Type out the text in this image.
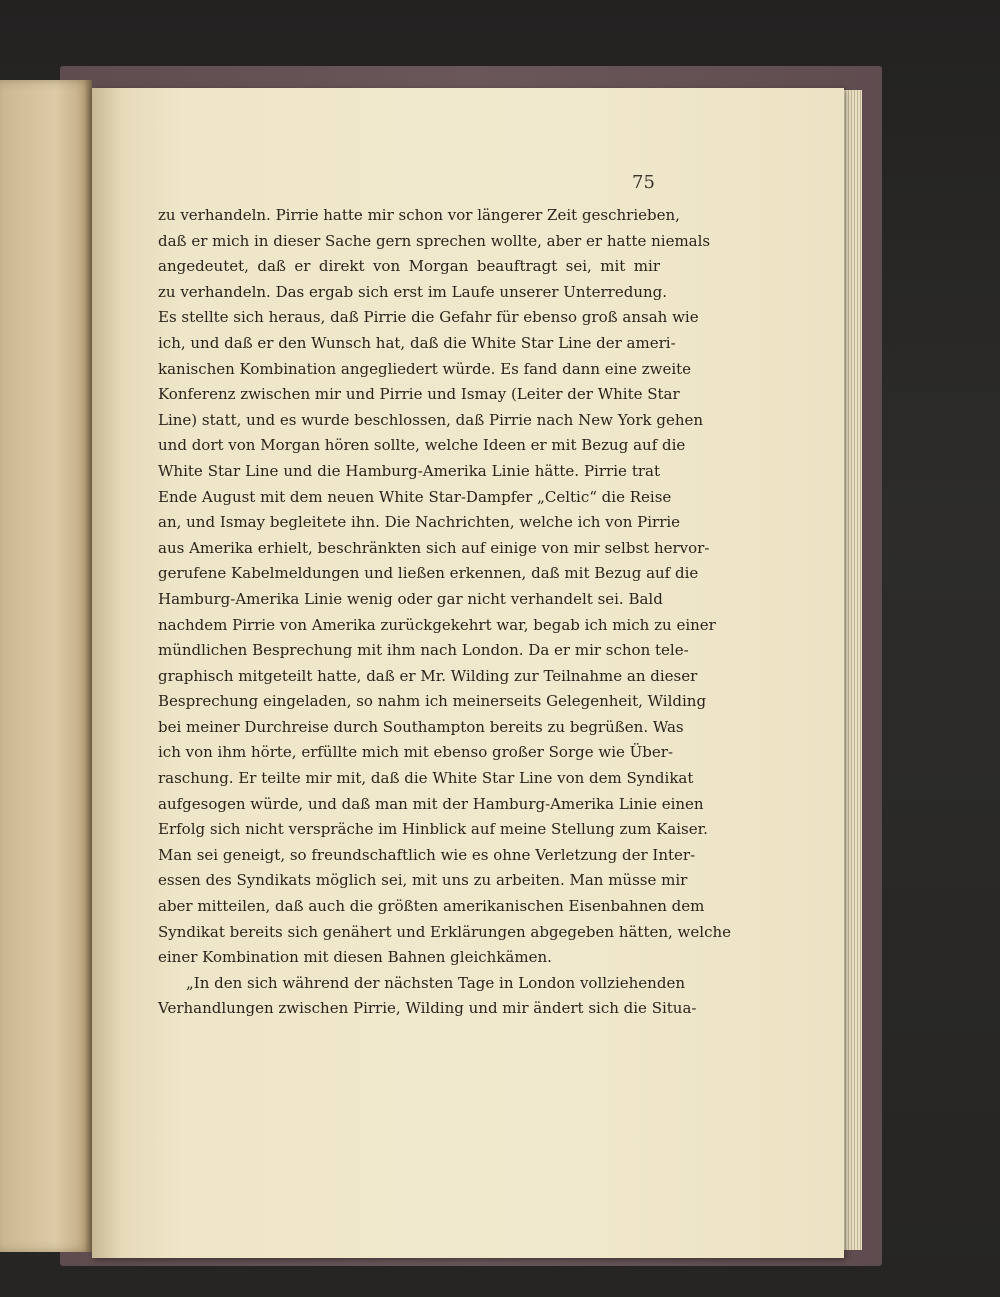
75
zu verhandeln. Pirrie hatte mir schon vor längerer Zeit geschrieben,
daß er mich in dieser Sache gern sprechen wollte, aber er hatte niemals
angedeutet, daß er direkt von Morgan beauftragt sei, mit mir
zu verhandeln. Das ergab sich erst im Laufe unserer Unterredung.
Es stellte sich heraus, daß Pirrie die Gefahr für ebenso groß ansah wie
ich, und daß er den Wunsch hat, daß die White Star Line der ameri-
kanischen Kombination angegliedert würde. Es fand dann eine zweite
Konferenz zwischen mir und Pirrie und Ismay (Leiter der White Star
Line) statt, und es wurde beschlossen, daß Pirrie nach New York gehen
und dort von Morgan hören sollte, welche Ideen er mit Bezug auf die
White Star Line und die Hamburg-Amerika Linie hätte. Pirrie trat
Ende August mit dem neuen White Star-Dampfer „Celtic“ die Reise
an, und Ismay begleitete ihn. Die Nachrichten, welche ich von Pirrie
aus Amerika erhielt, beschränkten sich auf einige von mir selbst hervor-
gerufene Kabelmeldungen und ließen erkennen, daß mit Bezug auf die
Hamburg-Amerika Linie wenig oder gar nicht verhandelt sei. Bald
nachdem Pirrie von Amerika zurückgekehrt war, begab ich mich zu einer
mündlichen Besprechung mit ihm nach London. Da er mir schon tele-
graphisch mitgeteilt hatte, daß er Mr. Wilding zur Teilnahme an dieser
Besprechung eingeladen, so nahm ich meinerseits Gelegenheit, Wilding
bei meiner Durchreise durch Southampton bereits zu begrüßen. Was
ich von ihm hörte, erfüllte mich mit ebenso großer Sorge wie Über-
raschung. Er teilte mir mit, daß die White Star Line von dem Syndikat
aufgesogen würde, und daß man mit der Hamburg-Amerika Linie einen
Erfolg sich nicht verspräche im Hinblick auf meine Stellung zum Kaiser.
Man sei geneigt, so freundschaftlich wie es ohne Verletzung der Inter-
essen des Syndikats möglich sei, mit uns zu arbeiten. Man müsse mir
aber mitteilen, daß auch die größten amerikanischen Eisenbahnen dem
Syndikat bereits sich genähert und Erklärungen abgegeben hätten, welche
einer Kombination mit diesen Bahnen gleichkämen.
„In den sich während der nächsten Tage in London vollziehenden
Verhandlungen zwischen Pirrie, Wilding und mir ändert sich die Situa-
